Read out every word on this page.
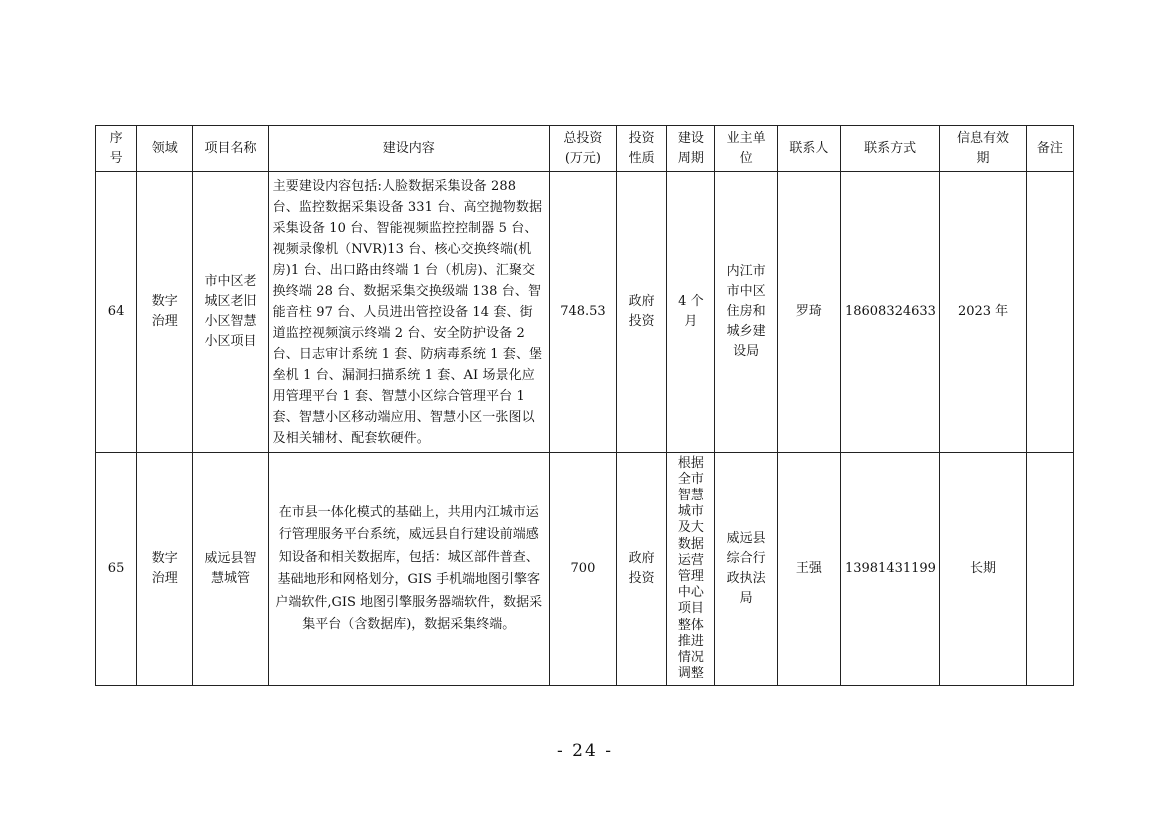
序号	领域	项目名称	建设内容	总投资(万元)	投资性质	建设周期	业主单位	联系人	联系方式	信息有效期	备注
64	数字治理	市中区老城区老旧小区智慧小区项目	主要建设内容包括:人脸数据采集设备 288 台、监控数据采集设备 331 台、高空抛物数据采集设备 10 台、智能视频监控控制器 5 台、视频录像机（NVR)13 台、核心交换终端(机房)1 台、出口路由终端 1 台（机房)、汇聚交换终端 28 台、数据采集交换级端 138 台、智能音柱 97 台、人员进出管控设备 14 套、街道监控视频演示终端 2 台、安全防护设备 2 台、日志审计系统 1 套、防病毒系统 1 套、堡垒机 1 台、漏洞扫描系统 1 套、AI 场景化应用管理平台 1 套、智慧小区综合管理平台 1 套、智慧小区移动端应用、智慧小区一张图以及相关辅材、配套软硬件。	748.53	政府投资	4 个月	内江市市中区住房和城乡建设局	罗琦	18608324633	2023 年	
65	数字治理	威远县智慧城管	在市县一体化模式的基础上，共用内江城市运行管理服务平台系统，威远县自行建设前端感知设备和相关数据库，包括：城区部件普查、基础地形和网格划分，GIS 手机端地图引擎客户端软件,GIS 地图引擎服务器端软件，数据采集平台（含数据库)，数据采集终端。	700	政府投资	根据全市智慧城市及大数据运营管理中心项目整体推进情况调整	威远县综合行政执法局	王强	13981431199	长期	
- 24 -
